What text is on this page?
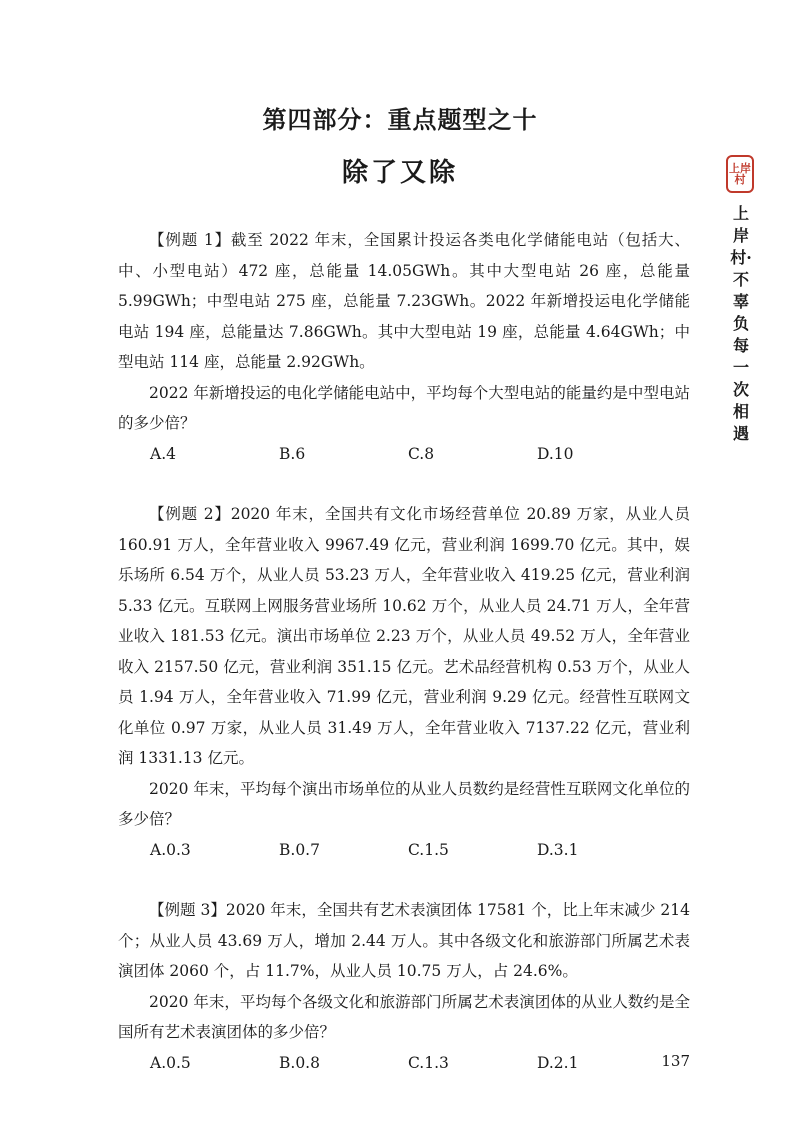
第四部分：重点题型之十
除了又除	上岸
村
上岸村·不辜负每一次相遇

【例题 1】截至 2022 年末，全国累计投运各类电化学储能电站（包括大、中、小型电站）472 座，总能量 14.05GWh。其中大型电站 26 座，总能量 5.99GWh；中型电站 275 座，总能量 7.23GWh。2022 年新增投运电化学储能电站 194 座，总能量达 7.86GWh。其中大型电站 19 座，总能量 4.64GWh；中型电站 114 座，总能量 2.92GWh。

2022 年新增投运的电化学储能电站中，平均每个大型电站的能量约是中型电站的多少倍？

A.4	B.6	C.8	D.10

【例题 2】2020 年末，全国共有文化市场经营单位 20.89 万家，从业人员 160.91 万人，全年营业收入 9967.49 亿元，营业利润 1699.70 亿元。其中，娱乐场所 6.54 万个，从业人员 53.23 万人，全年营业收入 419.25 亿元，营业利润 5.33 亿元。互联网上网服务营业场所 10.62 万个，从业人员 24.71 万人，全年营业收入 181.53 亿元。演出市场单位 2.23 万个，从业人员 49.52 万人，全年营业收入 2157.50 亿元，营业利润 351.15 亿元。艺术品经营机构 0.53 万个，从业人员 1.94 万人，全年营业收入 71.99 亿元，营业利润 9.29 亿元。经营性互联网文化单位 0.97 万家，从业人员 31.49 万人，全年营业收入 7137.22 亿元，营业利润 1331.13 亿元。

2020 年末，平均每个演出市场单位的从业人员数约是经营性互联网文化单位的多少倍？

A.0.3	B.0.7	C.1.5	D.3.1

【例题 3】2020 年末，全国共有艺术表演团体 17581 个，比上年末减少 214 个；从业人员 43.69 万人，增加 2.44 万人。其中各级文化和旅游部门所属艺术表演团体 2060 个，占 11.7%，从业人员 10.75 万人，占 24.6%。

2020 年末，平均每个各级文化和旅游部门所属艺术表演团体的从业人数约是全国所有艺术表演团体的多少倍？

A.0.5	B.0.8	C.1.3	D.2.1	137
